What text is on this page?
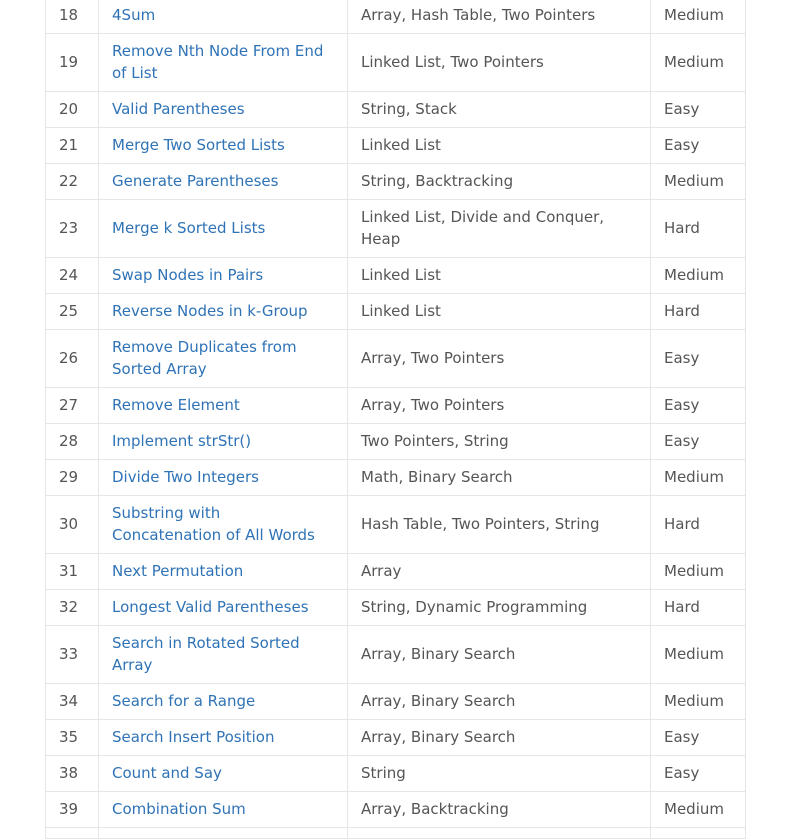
18	4Sum	Array, Hash Table, Two Pointers	Medium
19	Remove Nth Node From End of List	Linked List, Two Pointers	Medium
20	Valid Parentheses	String, Stack	Easy
21	Merge Two Sorted Lists	Linked List	Easy
22	Generate Parentheses	String, Backtracking	Medium
23	Merge k Sorted Lists	Linked List, Divide and Conquer, Heap	Hard
24	Swap Nodes in Pairs	Linked List	Medium
25	Reverse Nodes in k-Group	Linked List	Hard
26	Remove Duplicates from Sorted Array	Array, Two Pointers	Easy
27	Remove Element	Array, Two Pointers	Easy
28	Implement strStr()	Two Pointers, String	Easy
29	Divide Two Integers	Math, Binary Search	Medium
30	Substring with Concatenation of All Words	Hash Table, Two Pointers, String	Hard
31	Next Permutation	Array	Medium
32	Longest Valid Parentheses	String, Dynamic Programming	Hard
33	Search in Rotated Sorted Array	Array, Binary Search	Medium
34	Search for a Range	Array, Binary Search	Medium
35	Search Insert Position	Array, Binary Search	Easy
38	Count and Say	String	Easy
39	Combination Sum	Array, Backtracking	Medium
